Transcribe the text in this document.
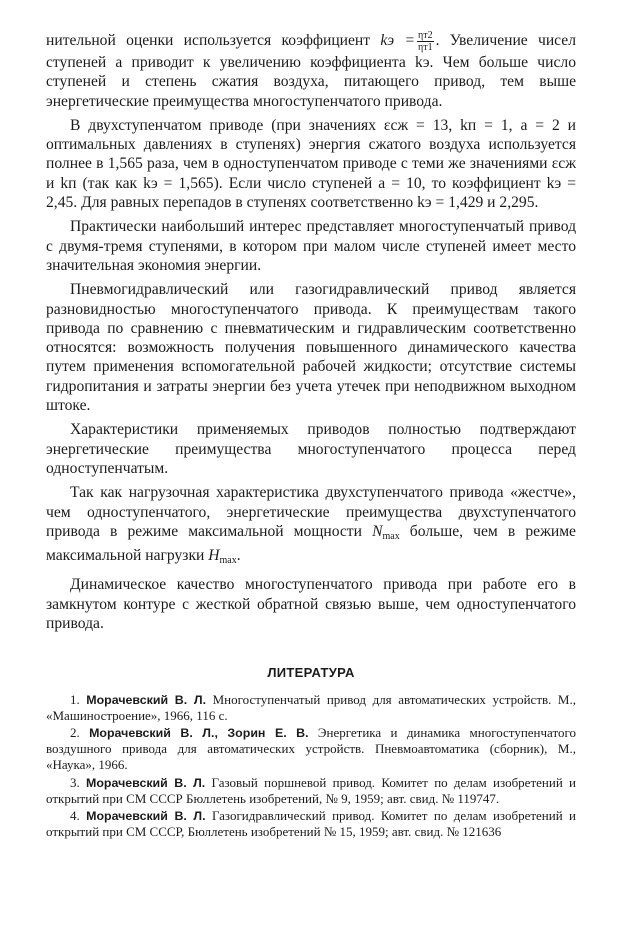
нительной оценки используется коэффициент kэ = $\frac{\eta т2}{\eta т1}$ . Увеличение чисел ступеней a приводит к увеличению коэффициента kэ. Чем больше число ступеней и степень сжатия воздуха, питающего привод, тем выше энергетические преимущества многоступенчатого привода.

В двухступенчатом приводе (при значениях εсж = 13, kп = 1, a = 2 и оптимальных давлениях в ступенях) энергия сжатого воздуха используется полнее в 1,565 раза, чем в одноступенчатом приводе с теми же значениями εсж и kп (так как kэ = 1,565). Если число ступеней a = 10, то коэффициент kэ = 2,45. Для равных перепадов в ступенях соответственно kэ = 1,429 и 2,295.

Практически наибольший интерес представляет многоступенчатый привод с двумя-тремя ступенями, в котором при малом числе ступеней имеет место значительная экономия энергии.

Пневмогидравлический или газогидравлический привод является разновидностью многоступенчатого привода. К преимуществам такого привода по сравнению с пневматическим и гидравлическим соответственно относятся: возможность получения повышенного динамического качества путем применения вспомогательной рабочей жидкости; отсутствие системы гидропитания и затраты энергии без учета утечек при неподвижном выходном штоке.

Характеристики применяемых приводов полностью подтверждают энергетические преимущества многоступенчатого процесса перед одноступенчатым.

Так как нагрузочная характеристика двухступенчатого привода «жестче», чем одноступенчатого, энергетические преимущества двухступенчатого привода в режиме максимальной мощности $N_{max}$ больше, чем в режиме максимальной нагрузки $H_{max}$.

Динамическое качество многоступенчатого привода при работе его в замкнутом контуре с жесткой обратной связью выше, чем одноступенчатого привода.

ЛИТЕРАТУРА

1. Морачевский В. Л. Многоступенчатый привод для автоматических устройств. М., «Машиностроение», 1966, 116 с.

2. Морачевский В. Л., Зорин Е. В. Энергетика и динамика многоступенчатого воздушного привода для автоматических устройств. Пневмоавтоматика (сборник), М., «Наука», 1966.

3. Морачевский В. Л. Газовый поршневой привод. Комитет по делам изобретений и открытий при СМ СССР Бюллетень изобретений, № 9, 1959; авт. свид. № 119747.

4. Морачевский В. Л. Газогидравлический привод. Комитет по делам изобретений и открытий при СМ СССР, Бюллетень изобретений № 15, 1959; авт. свид. № 121636
